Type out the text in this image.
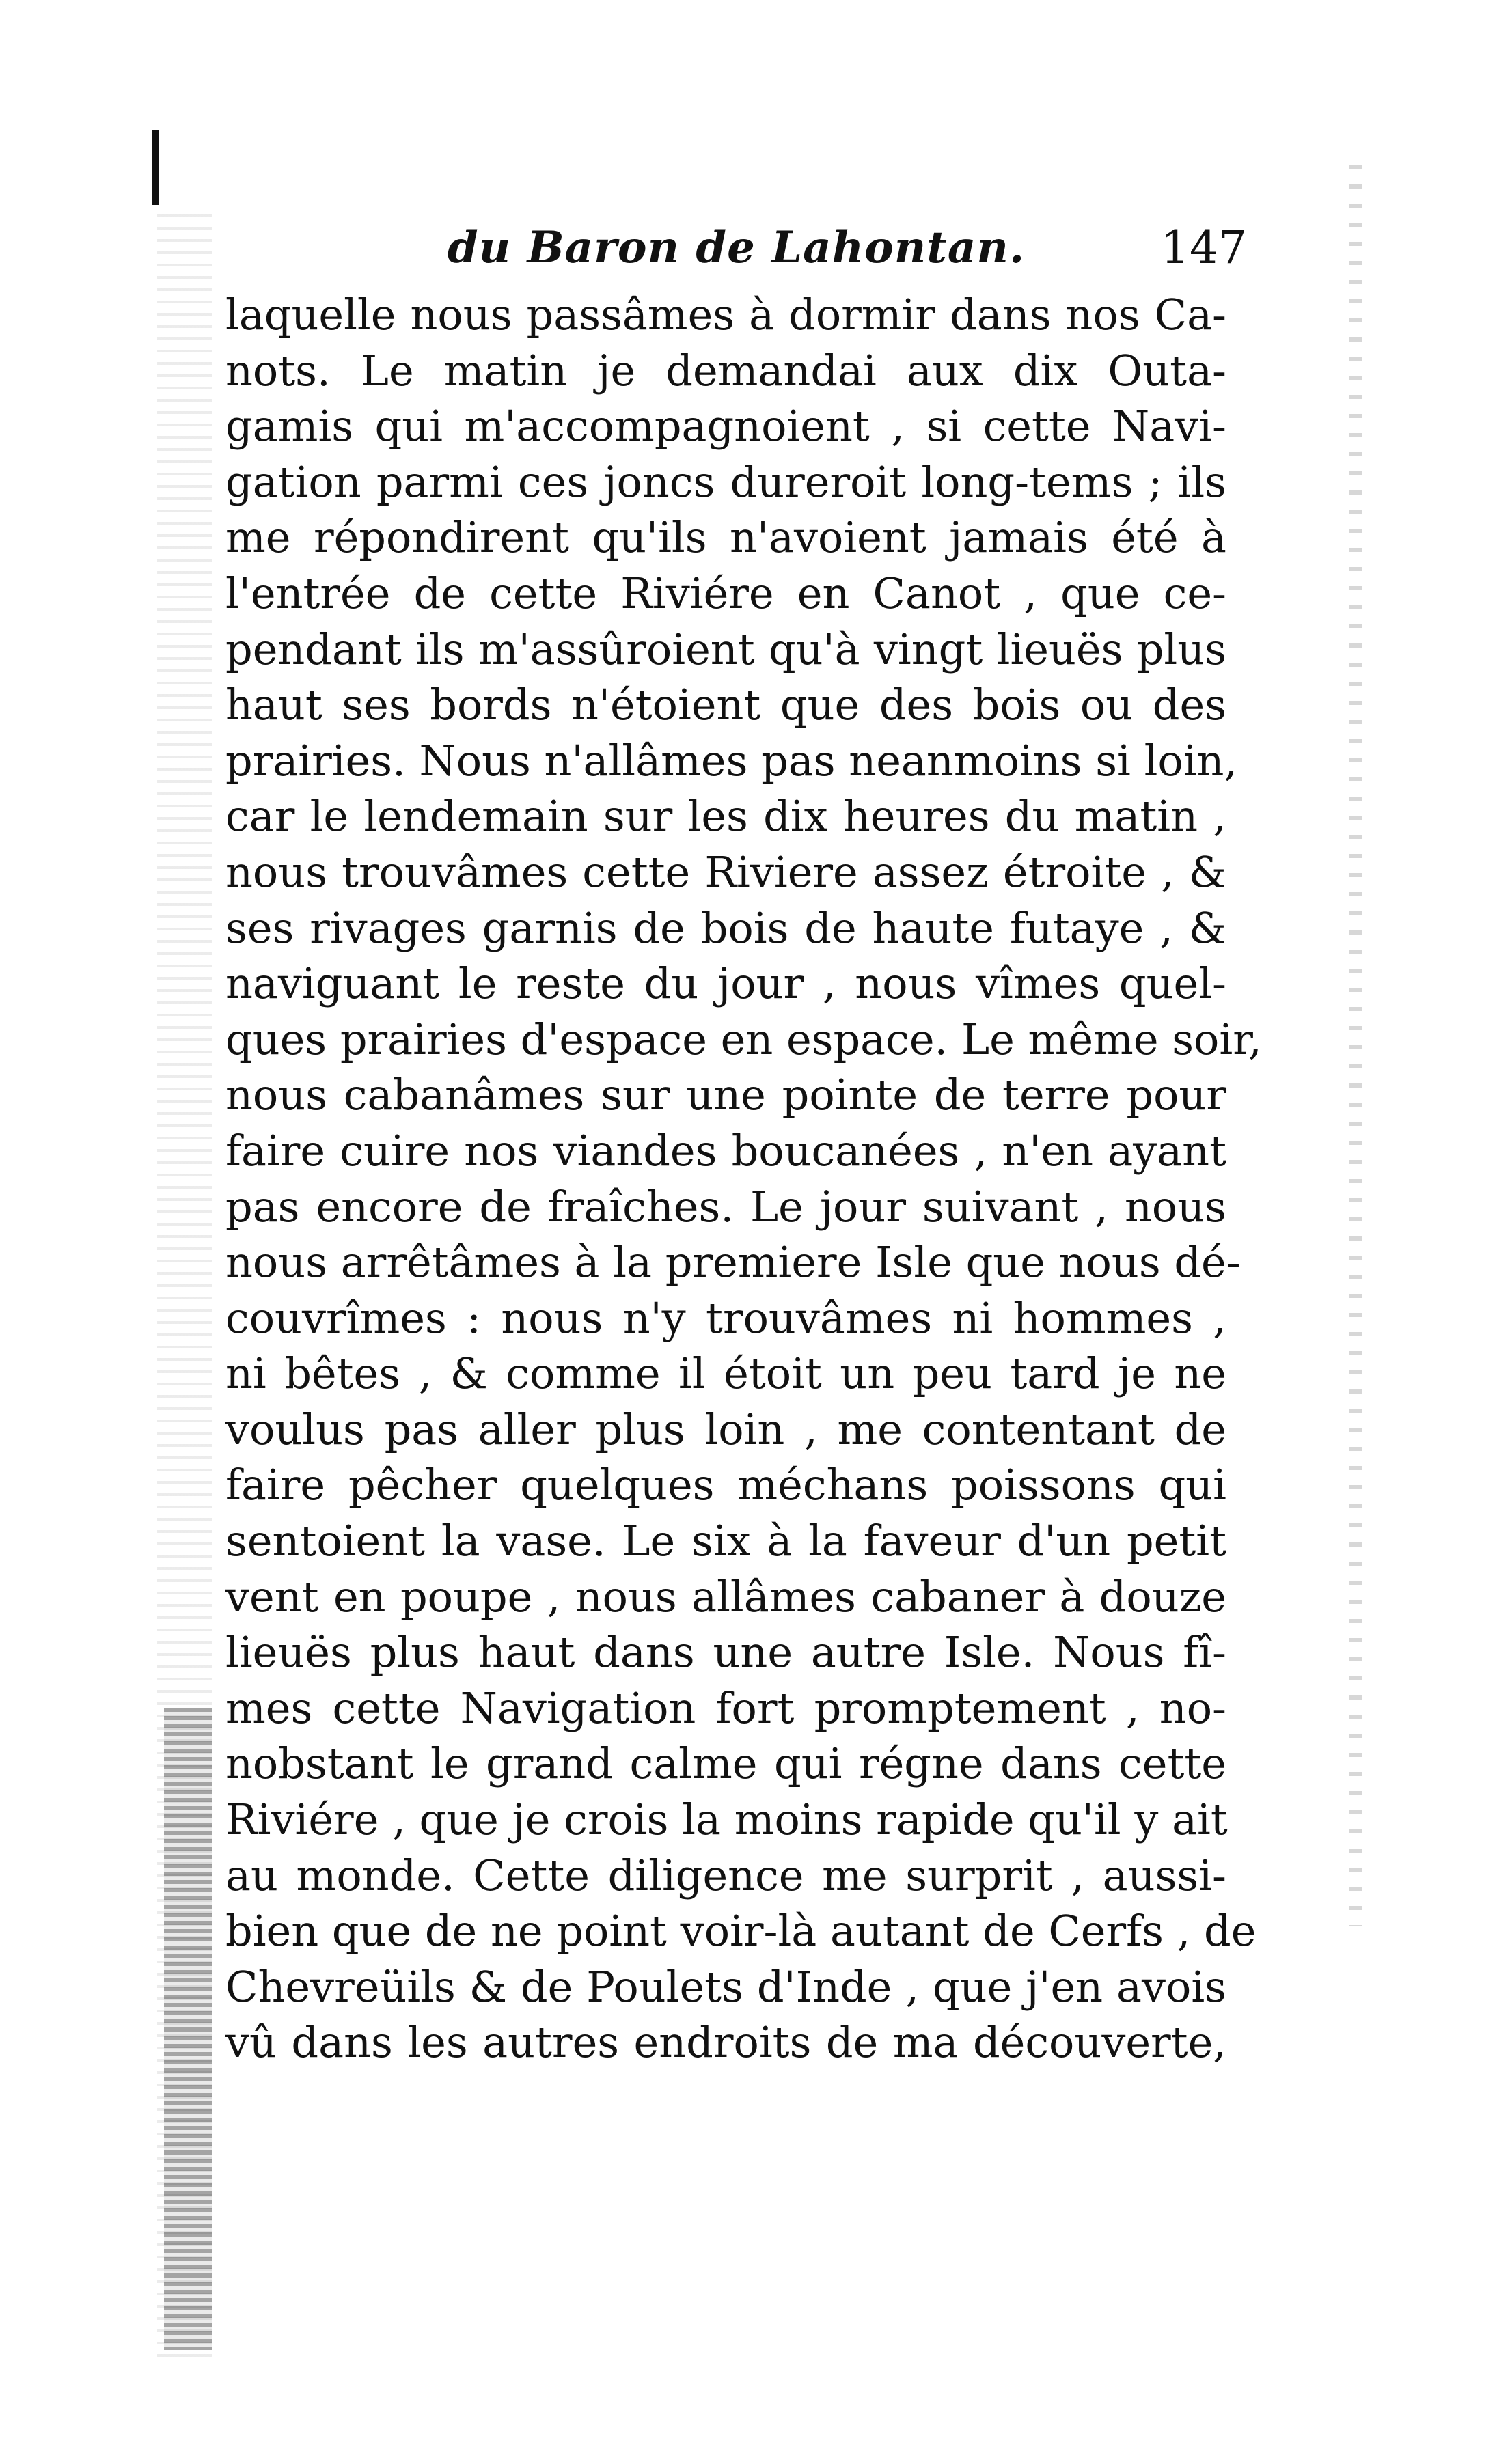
du Baron de Lahontan.	147
laquelle nous passâmes à dormir dans nos Ca-
nots. Le matin je demandai aux dix Outa-
gamis qui m'accompagnoient , si cette Navi-
gation parmi ces joncs dureroit long-tems ; ils
me répondirent qu'ils n'avoient jamais été à
l'entrée de cette Riviére en Canot , que ce-
pendant ils m'assûroient qu'à vingt lieuës plus
haut ses bords n'étoient que des bois ou des
prairies. Nous n'allâmes pas neanmoins si loin,
car le lendemain sur les dix heures du matin ,
nous trouvâmes cette Riviere assez étroite , &
ses rivages garnis de bois de haute futaye , &
naviguant le reste du jour , nous vîmes quel-
ques prairies d'espace en espace. Le même soir,
nous cabanâmes sur une pointe de terre pour
faire cuire nos viandes boucanées , n'en ayant
pas encore de fraîches. Le jour suivant , nous
nous arrêtâmes à la premiere Isle que nous dé-
couvrîmes : nous n'y trouvâmes ni hommes ,
ni bêtes , & comme il étoit un peu tard je ne
voulus pas aller plus loin , me contentant de
faire pêcher quelques méchans poissons qui
sentoient la vase. Le six à la faveur d'un petit
vent en poupe , nous allâmes cabaner à douze
lieuës plus haut dans une autre Isle. Nous fî-
mes cette Navigation fort promptement , no-
nobstant le grand calme qui régne dans cette
Riviére , que je crois la moins rapide qu'il y ait
au monde. Cette diligence me surprit , aussi-
bien que de ne point voir-là autant de Cerfs , de
Chevreüils & de Poulets d'Inde , que j'en avois
vû dans les autres endroits de ma découverte,
